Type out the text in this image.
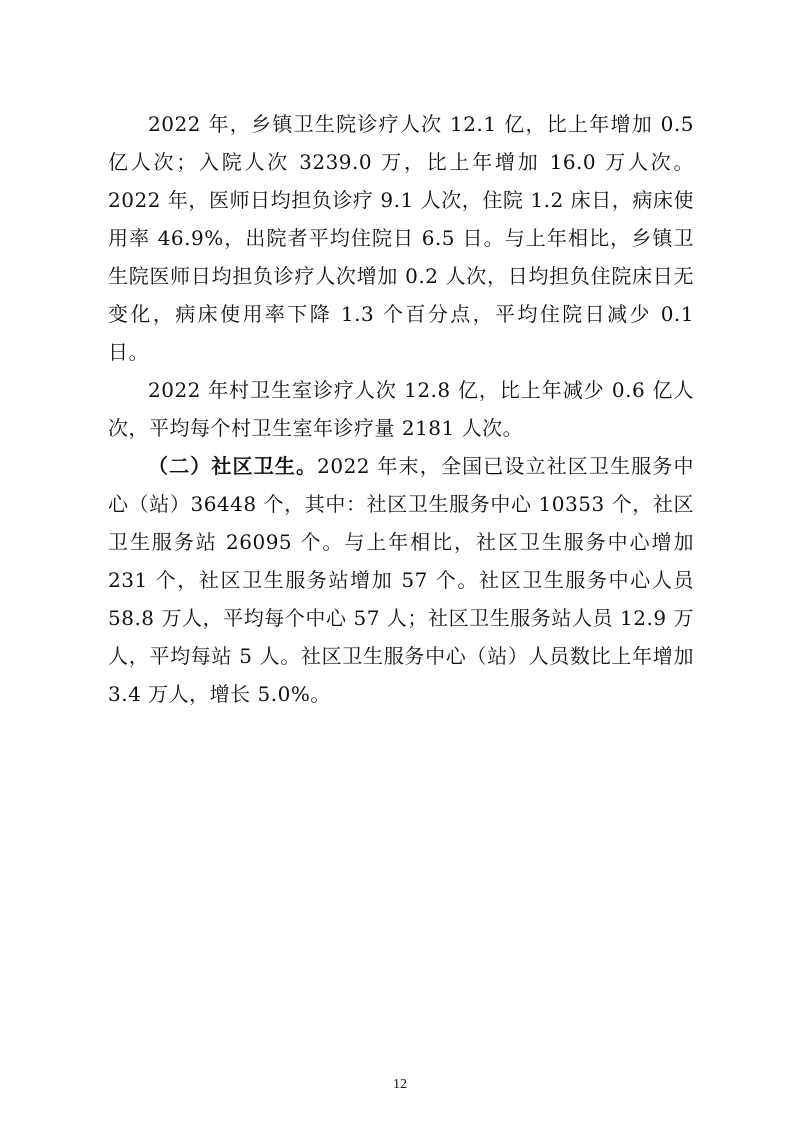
2022 年，乡镇卫生院诊疗人次 12.1 亿，比上年增加 0.5 亿人次；入院人次 3239.0 万，比上年增加 16.0 万人次。2022 年，医师日均担负诊疗 9.1 人次，住院 1.2 床日，病床使用率 46.9%，出院者平均住院日 6.5 日。与上年相比，乡镇卫生院医师日均担负诊疗人次增加 0.2 人次，日均担负住院床日无变化，病床使用率下降 1.3 个百分点，平均住院日减少 0.1 日。

2022 年村卫生室诊疗人次 12.8 亿，比上年减少 0.6 亿人次，平均每个村卫生室年诊疗量 2181 人次。

（二）社区卫生。2022 年末，全国已设立社区卫生服务中心（站）36448 个，其中：社区卫生服务中心 10353 个，社区卫生服务站 26095 个。与上年相比，社区卫生服务中心增加 231 个，社区卫生服务站增加 57 个。社区卫生服务中心人员 58.8 万人，平均每个中心 57 人；社区卫生服务站人员 12.9 万人，平均每站 5 人。社区卫生服务中心（站）人员数比上年增加 3.4 万人，增长 5.0%。

12
